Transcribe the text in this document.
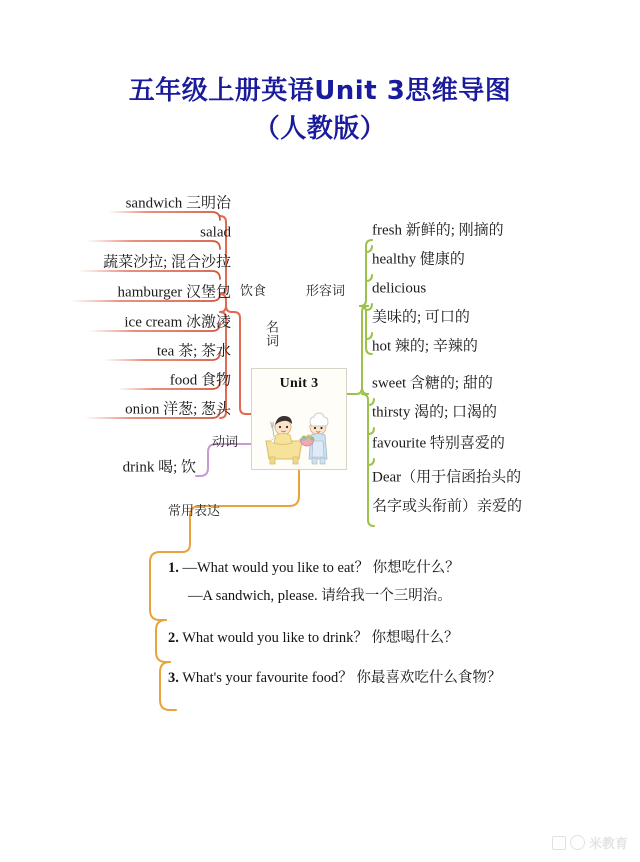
五年级上册英语Unit 3思维导图
（人教版）
sandwich 三明治
salad
蔬菜沙拉; 混合沙拉
hamburger 汉堡包
ice cream 冰激凌
tea 茶; 茶水
food 食物
onion 洋葱; 葱头
饮食
名词
动词
常用表达
drink 喝; 饮
形容词
fresh 新鲜的; 刚摘的
healthy 健康的
delicious
美味的; 可口的
hot 辣的; 辛辣的
sweet 含糖的; 甜的
thirsty 渴的; 口渴的
favourite 特别喜爱的
Dear（用于信函抬头的
名字或头衔前）亲爱的
Unit 3
1. —What would you like to eat？ 你想吃什么？
—A sandwich, please. 请给我一个三明治。
2. What would you like to drink？ 你想喝什么？
3. What's your favourite food？ 你最喜欢吃什么食物？
米教育
